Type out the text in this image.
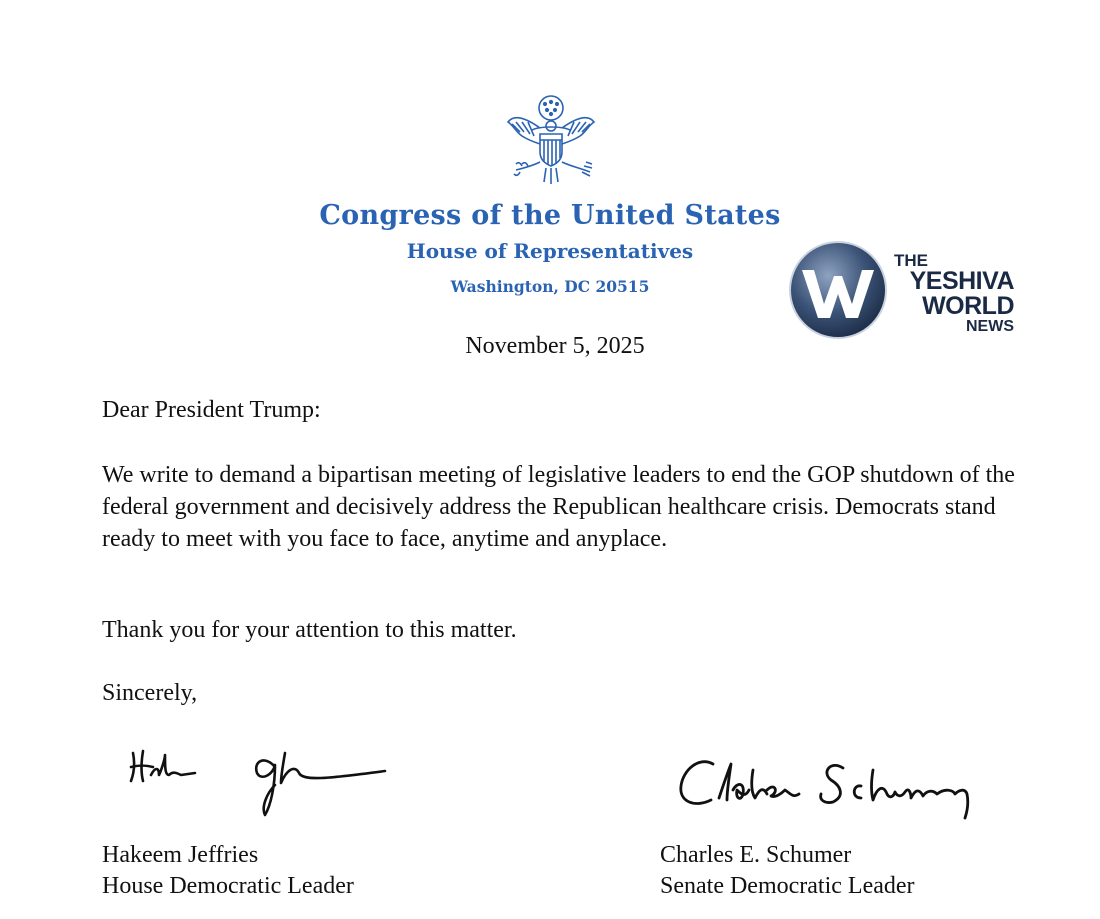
Congress of the United States
House of Representatives
Washington, DC 20515
THE
YESHIVA
WORLD
NEWS
November 5, 2025

Dear President Trump:

We write to demand a bipartisan meeting of legislative leaders to end the GOP shutdown of the federal government and decisively address the Republican healthcare crisis. Democrats stand ready to meet with you face to face, anytime and anyplace.

Thank you for your attention to this matter.

Sincerely,

Hakeem Jeffries
House Democratic Leader

Charles E. Schumer
Senate Democratic Leader
